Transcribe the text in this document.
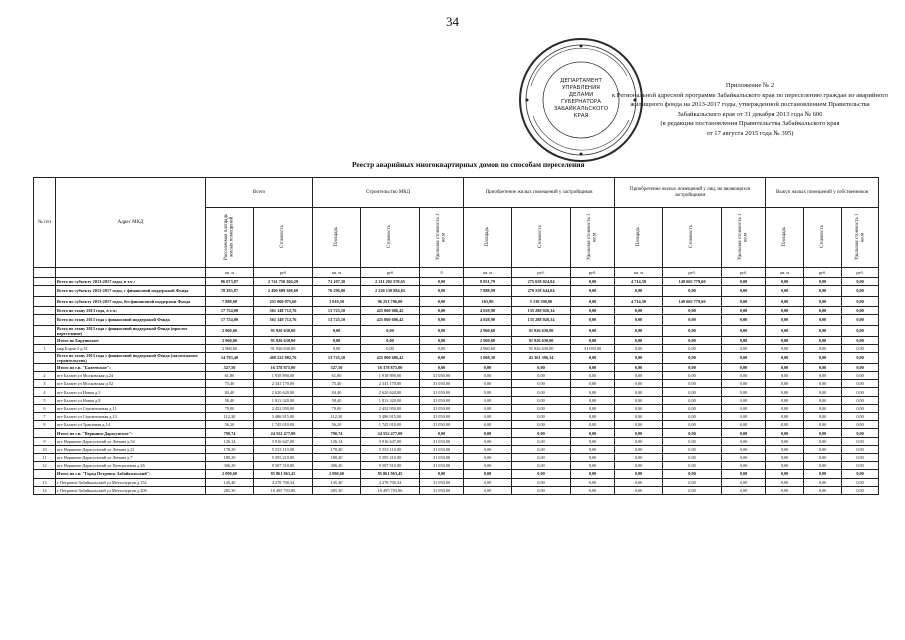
34
ДЕПАРТАМЕНТ
УПРАВЛЕНИЯ
ДЕЛАМИ
ГУБЕРНАТОРА
ЗАБАЙКАЛЬСКОГО
КРАЯ
Приложение № 2
к Региональной адресной программе Забайкальского края по переселению граждан из аварийного
жилищного фонда на 2013-2017 годы, утвержденной постановлением Правительства
Забайкальского края от 31 декабря 2013 года № 606
(в редакции постановления Правительства Забайкальского края
от 17 августа 2015 года № 395)
Реестр аварийных многоквартирных домов по способам переселения
№ п/п	Адрес МКД	Всего		Строительство МКД			Приобретение жилых помещений у застройщиков			Приобретение жилых помещений у лиц, не являющихся застройщиком			Выкуп жилых помещений у собственников		
		Расселяемая площадь жилых помещений	Стоимость	Площадь	Стоимость	Удельная стоимость 1 кв.м	Площадь	Стоимость	Удельная стоимость 1 кв.м	Площадь	Стоимость	Удельная стоимость 1 кв.м	Площадь	Стоимость	Удельная стоимость 1 кв.м
		кв. м	руб	кв. м	руб	0	кв. м	руб.	руб.	кв. м	руб.	руб.	кв. м	руб.	руб.
	Всего по субъекту 2013-2017 годы, в т.ч.:	86 073,87	2 741 750 304,29	71 107,30	2 311 202 570,65	0,00	8 051,79	275 658 024,04	0,00	4 714,58	149 665 779,60	0,00	0,00	0,00	0,00
	Всего по субъекту 2013-2017 годы, с финансовой поддержкой Фонда	78 185,87	2 490 689 308,69	70 296,80	2 220 130 884,65	0,00	7 888,99	270 558 644,04	0,00	0,00	0,00	0,00	0,00	0,00	0,00
	Всего по субъекту 2013-2017 годы, без финансовой поддержки Фонда	7 888,00	251 060 875,60	3 010,50	96 251 706,00	0,00	163,80	5 139 390,00	0,00	4 714,58	149 665 779,60	0,00	0,00	0,00	0,00
	Всего по этапу 2013 года, в т.ч.:	17 754,00	561 148 712,76	13 725,10	425 860 686,42	0,00	4 028,90	135 288 026,34	0,00	0,00	0,00	0,00	0,00	0,00	0,00
	Всего по этапу 2013 года с финансовой поддержкой Фонда	17 754,00	561 148 712,76	13 725,10	425 860 686,42	0,00	4 028,90	135 288 026,34	0,00	0,00	0,00	0,00	0,00	0,00	0,00
	Всего по этапу 2013 года с финансовой поддержкой Фонда (простое переселение)	2 960,60	91 926 630,00	0,00	0,00	0,00	2 960,60	91 926 630,00	0,00	0,00	0,00	0,00	0,00	0,00	0,00
	Итого по Баргинскоe:	2 960,60	91 926 630,00	0,00	0,00	0,00	2 960,60	91 926 630,00	0,00	0,00	0,00	0,00	0,00	0,00	0,00
1	мкр Борзя-3 д.31	2 960,60	91 926 630,00	0,00	0,00	0,00	2 960,60	91 926 630,00	31 050,00	0,00	0,00	0,00	0,00	0,00	0,00
	Всего по этапу 2013 года с финансовой поддержкой Фонда (малоэтажное строительство)	14 793,40	469 222 082,76	13 725,10	425 860 686,42	0,00	1 068,30	43 361 396,34	0,00	0,00	0,00	0,00	0,00	0,00	0,00
	Итого по г.п. "Балеевское":	527,50	16 378 875,00	527,50	16 378 875,00	0,00	0,00	0,00	0,00	0,00	0,00	0,00	0,00	0,00	0,00
2	пгт Балагн ул Московская д.24	61,80	1 918 890,00	61,80	1 918 890,00	31 050,00	0,00	0,00	0,00	0,00	0,00	0,00	0,00	0,00	0,00
3	пгт Балагн ул Московская д.52	75,40	2 341 170,00	75,40	2 341 170,00	31 050,00	0,00	0,00	0,00	0,00	0,00	0,00	0,00	0,00	0,00
4	пгт Балагн ул Новая д.3	84,40	2 620 620,00	84,40	2 620 620,00	31 050,00	0,00	0,00	0,00	0,00	0,00	0,00	0,00	0,00	0,00
5	пгт Балагн ул Новая д.8	58,40	1 813 320,00	58,40	1 813 320,00	31 050,00	0,00	0,00	0,00	0,00	0,00	0,00	0,00	0,00	0,00
6	пгт Балагн ул Строительная д.11	79,00	2 452 950,00	79,00	2 452 950,00	31 050,00	0,00	0,00	0,00	0,00	0,00	0,00	0,00	0,00	0,00
7	пгт Балагн ул Строительная д.13	112,30	3 486 915,00	112,30	3 486 915,00	31 050,00	0,00	0,00	0,00	0,00	0,00	0,00	0,00	0,00	0,00
8	пгт Балагн ул Трактовая д.14	56,20	1 745 010,00	56,20	1 745 010,00	31 050,00	0,00	0,00	0,00	0,00	0,00	0,00	0,00	0,00	0,00
	Итого по г.п. "Вершино-Дарасунское":	790,74	24 552 477,00	790,74	24 552 477,00	0,00	0,00	0,00	0,00	0,00	0,00	0,00	0,00	0,00	0,00
9	пгт Вершино-Дарасунский ул Ленина д.54	126,14	3 916 647,00	126,14	3 916 647,00	31 050,00	0,00	0,00	0,00	0,00	0,00	0,00	0,00	0,00	0,00
10	пгт Вершино-Дарасунский ул Ленина д.21	178,20	5 533 110,00	178,20	5 533 110,00	31 050,00	0,00	0,00	0,00	0,00	0,00	0,00	0,00	0,00	0,00
11	пгт Вершино-Дарасунский ул Ленина д.7	180,20	5 595 210,00	180,20	5 595 210,00	31 050,00	0,00	0,00	0,00	0,00	0,00	0,00	0,00	0,00	0,00
12	пгт Вершино-Дарасунский ул Центральная д.26	306,20	9 507 510,00	306,20	9 507 510,00	31 050,00	0,00	0,00	0,00	0,00	0,00	0,00	0,00	0,00	0,00
	Итого по г.п. "Город Петровск-Забайкальский":	2 090,60	85 861 963,45	2 090,60	85 861 963,45	0,00	0,00	0,00	0,00	0,00	0,00	0,00	0,00	0,00	0,00
13	г Петровск-Забайкальский ул Металлургов д.152	145,40	4 278 700,34	145,40	4 278 700,34	31 050,00	0,00	0,00	0,00	0,00	0,00	0,00	0,00	0,00	0,00
14	г Петровск-Забайкальский ул Металлургов д.206	285,30	10 495 703,86	285,30	10 495 703,86	31 050,00	0,00	0,00	0,00	0,00	0,00	0,00	0,00	0,00	0,00
